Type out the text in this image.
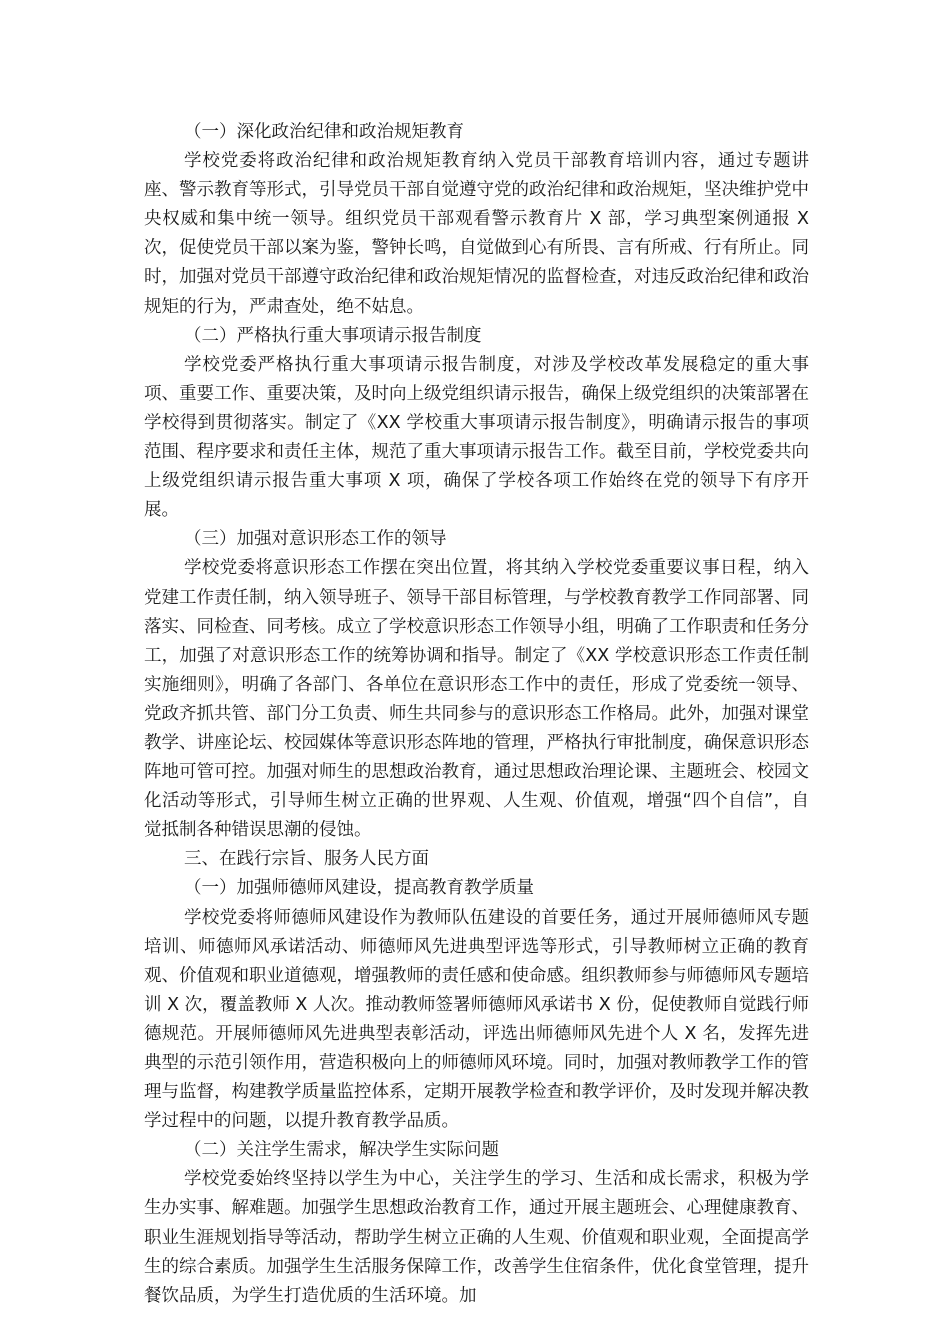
（一）深化政治纪律和政治规矩教育

学校党委将政治纪律和政治规矩教育纳入党员干部教育培训内容，通过专题讲座、警示教育等形式，引导党员干部自觉遵守党的政治纪律和政治规矩，坚决维护党中央权威和集中统一领导。组织党员干部观看警示教育片 X 部，学习典型案例通报 X 次，促使党员干部以案为鉴，警钟长鸣，自觉做到心有所畏、言有所戒、行有所止。同时，加强对党员干部遵守政治纪律和政治规矩情况的监督检查，对违反政治纪律和政治规矩的行为，严肃查处，绝不姑息。

（二）严格执行重大事项请示报告制度

学校党委严格执行重大事项请示报告制度，对涉及学校改革发展稳定的重大事项、重要工作、重要决策，及时向上级党组织请示报告，确保上级党组织的决策部署在学校得到贯彻落实。制定了《XX 学校重大事项请示报告制度》，明确请示报告的事项范围、程序要求和责任主体，规范了重大事项请示报告工作。截至目前，学校党委共向上级党组织请示报告重大事项 X 项，确保了学校各项工作始终在党的领导下有序开展。

（三）加强对意识形态工作的领导

学校党委将意识形态工作摆在突出位置，将其纳入学校党委重要议事日程，纳入党建工作责任制，纳入领导班子、领导干部目标管理，与学校教育教学工作同部署、同落实、同检查、同考核。成立了学校意识形态工作领导小组，明确了工作职责和任务分工，加强了对意识形态工作的统筹协调和指导。制定了《XX 学校意识形态工作责任制实施细则》，明确了各部门、各单位在意识形态工作中的责任，形成了党委统一领导、党政齐抓共管、部门分工负责、师生共同参与的意识形态工作格局。此外，加强对课堂教学、讲座论坛、校园媒体等意识形态阵地的管理，严格执行审批制度，确保意识形态阵地可管可控。加强对师生的思想政治教育，通过思想政治理论课、主题班会、校园文化活动等形式，引导师生树立正确的世界观、人生观、价值观，增强“四个自信”，自觉抵制各种错误思潮的侵蚀。

三、在践行宗旨、服务人民方面

（一）加强师德师风建设，提高教育教学质量

学校党委将师德师风建设作为教师队伍建设的首要任务，通过开展师德师风专题培训、师德师风承诺活动、师德师风先进典型评选等形式，引导教师树立正确的教育观、价值观和职业道德观，增强教师的责任感和使命感。组织教师参与师德师风专题培训 X 次，覆盖教师 X 人次。推动教师签署师德师风承诺书 X 份，促使教师自觉践行师德规范。开展师德师风先进典型表彰活动，评选出师德师风先进个人 X 名，发挥先进典型的示范引领作用，营造积极向上的师德师风环境。同时，加强对教师教学工作的管理与监督，构建教学质量监控体系，定期开展教学检查和教学评价，及时发现并解决教学过程中的问题，以提升教育教学品质。

（二）关注学生需求，解决学生实际问题

学校党委始终坚持以学生为中心，关注学生的学习、生活和成长需求，积极为学生办实事、解难题。加强学生思想政治教育工作，通过开展主题班会、心理健康教育、职业生涯规划指导等活动，帮助学生树立正确的人生观、价值观和职业观，全面提高学生的综合素质。加强学生生活服务保障工作，改善学生住宿条件，优化食堂管理，提升餐饮品质，为学生打造优质的生活环境。加
